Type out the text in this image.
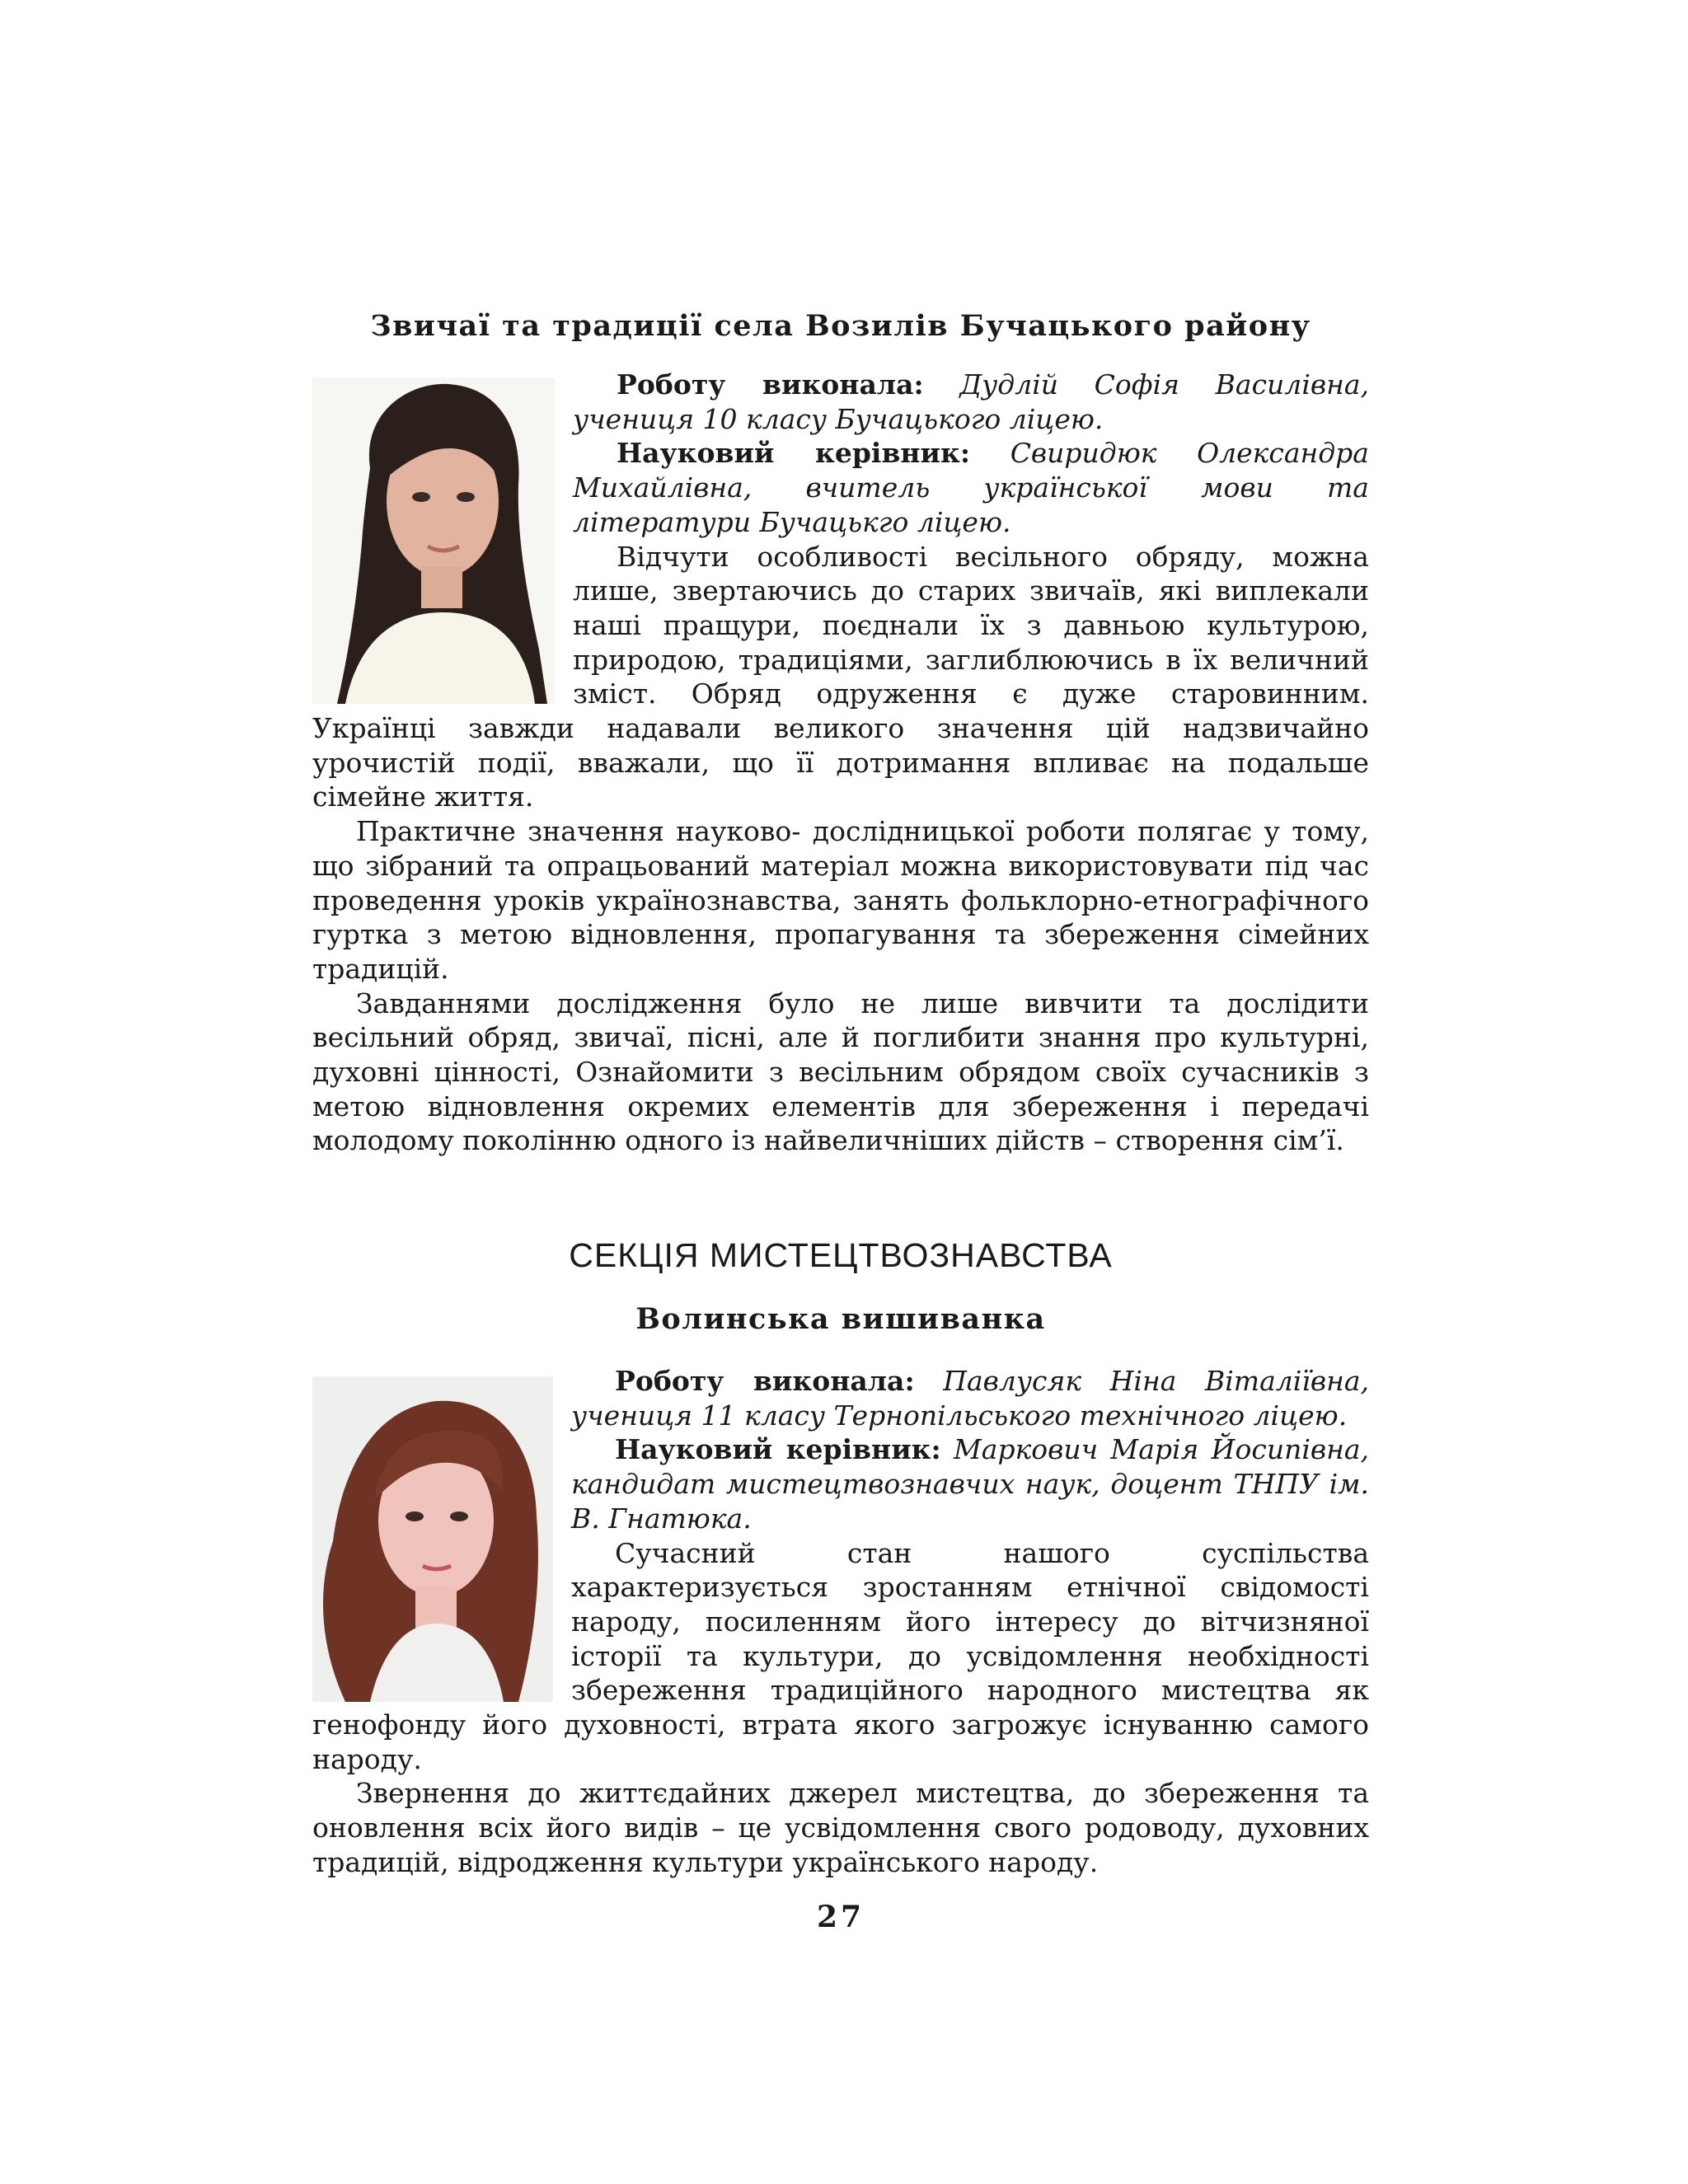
Звичаї та традиції села Возилів Бучацького району

Роботу виконала: Дудлій Софія Василівна, учениця 10 класу Бучацького ліцею.

Науковий керівник: Свиридюк Олександра Михайлівна, вчитель української мови та літератури Бучацькго ліцею.

Відчути особливості весільного обряду, можна лише, звертаючись до старих звичаїв, які виплекали наші пращури, поєднали їх з давньою культурою, природою, традиціями, заглиблюючись в їх величний зміст. Обряд одруження є дуже старовинним. Українці завжди надавали великого значення цій надзвичайно урочистій події, вважали, що її дотримання впливає на подальше сімейне життя.

Практичне значення науково- дослідницької роботи полягає у тому, що зібраний та опрацьований матеріал можна використовувати під час проведення уроків українознавства, занять фольклорно-етнографічного гуртка з метою відновлення, пропагування та збереження сімейних традицій.

Завданнями дослідження було не лише вивчити та дослідити весільний обряд, звичаї, пісні, але й поглибити знання про культурні, духовні цінності, Ознайомити з весільним обрядом своїх сучасників з метою відновлення окремих елементів для збереження і передачі молодому поколінню одного із найвеличніших дійств – створення сім’ї.

СЕКЦІЯ МИСТЕЦТВОЗНАВСТВА
Волинська вишиванка

Роботу виконала: Павлусяк Ніна Віталіївна, учениця 11 класу Тернопільського технічного ліцею.

Науковий керівник: Маркович Марія Йосипівна, кандидат мистецтвознавчих наук, доцент ТНПУ ім. В. Гнатюка.

Сучасний стан нашого суспільства характеризується зростанням етнічної свідомості народу, посиленням його інтересу до вітчизняної історії та культури, до усвідомлення необхідності збереження традиційного народного мистецтва як генофонду його духовності, втрата якого загрожує існуванню самого народу.

Звернення до життєдайних джерел мистецтва, до збереження та оновлення всіх його видів – це усвідомлення свого родоводу, духовних традицій, відродження культури українського народу.

27
